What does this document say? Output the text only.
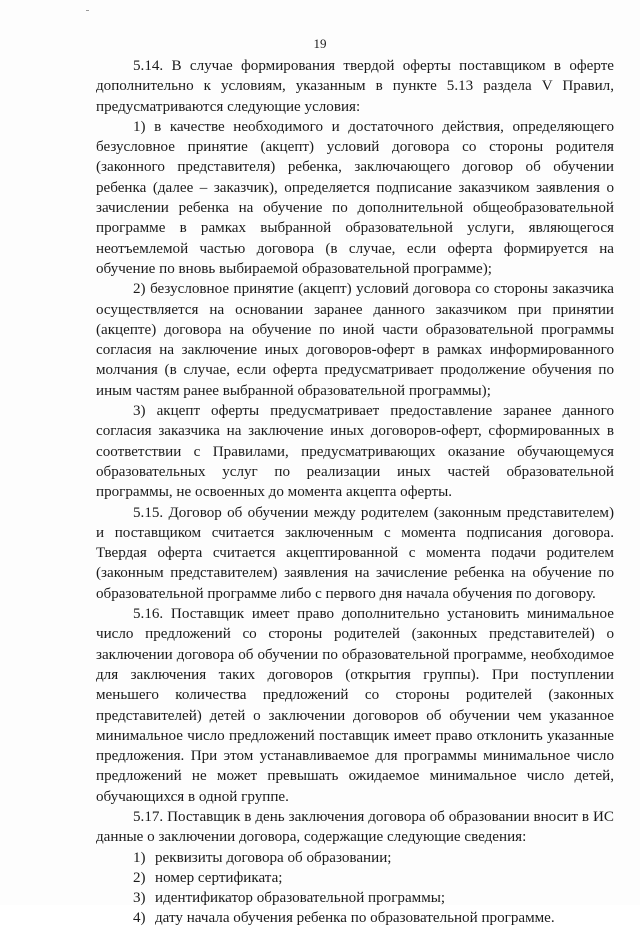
19

5.14. В случае формирования твердой оферты поставщиком в оферте дополнительно к условиям, указанным в пункте 5.13 раздела V Правил, предусматриваются следующие условия:

1) в качестве необходимого и достаточного действия, определяющего безусловное принятие (акцепт) условий договора со стороны родителя (законного представителя) ребенка, заключающего договор об обучении ребенка (далее – заказчик), определяется подписание заказчиком заявления о зачислении ребенка на обучение по дополнительной общеобразовательной программе в рамках выбранной образовательной услуги, являющегося неотъемлемой частью договора (в случае, если оферта формируется на обучение по вновь выбираемой образовательной программе);

2) безусловное принятие (акцепт) условий договора со стороны заказчика осуществляется на основании заранее данного заказчиком при принятии (акцепте) договора на обучение по иной части образовательной программы согласия на заключение иных договоров-оферт в рамках информированного молчания (в случае, если оферта предусматривает продолжение обучения по иным частям ранее выбранной образовательной программы);

3) акцепт оферты предусматривает предоставление заранее данного согласия заказчика на заключение иных договоров-оферт, сформированных в соответствии с Правилами, предусматривающих оказание обучающемуся образовательных услуг по реализации иных частей образовательной программы, не освоенных до момента акцепта оферты.

5.15. Договор об обучении между родителем (законным представителем) и поставщиком считается заключенным с момента подписания договора. Твердая оферта считается акцептированной с момента подачи родителем (законным представителем) заявления на зачисление ребенка на обучение по образовательной программе либо с первого дня начала обучения по договору.

5.16. Поставщик имеет право дополнительно установить минимальное число предложений со стороны родителей (законных представителей) о заключении договора об обучении по образовательной программе, необходимое для заключения таких договоров (открытия группы). При поступлении меньшего количества предложений со стороны родителей (законных представителей) детей о заключении договоров об обучении чем указанное минимальное число предложений поставщик имеет право отклонить указанные предложения. При этом устанавливаемое для программы минимальное число предложений не может превышать ожидаемое минимальное число детей, обучающихся в одной группе.

5.17. Поставщик в день заключения договора об образовании вносит в ИС данные о заключении договора, содержащие следующие сведения:

1) реквизиты договора об образовании;

2) номер сертификата;

3) идентификатор образовательной программы;

4) дату начала обучения ребенка по образовательной программе.
